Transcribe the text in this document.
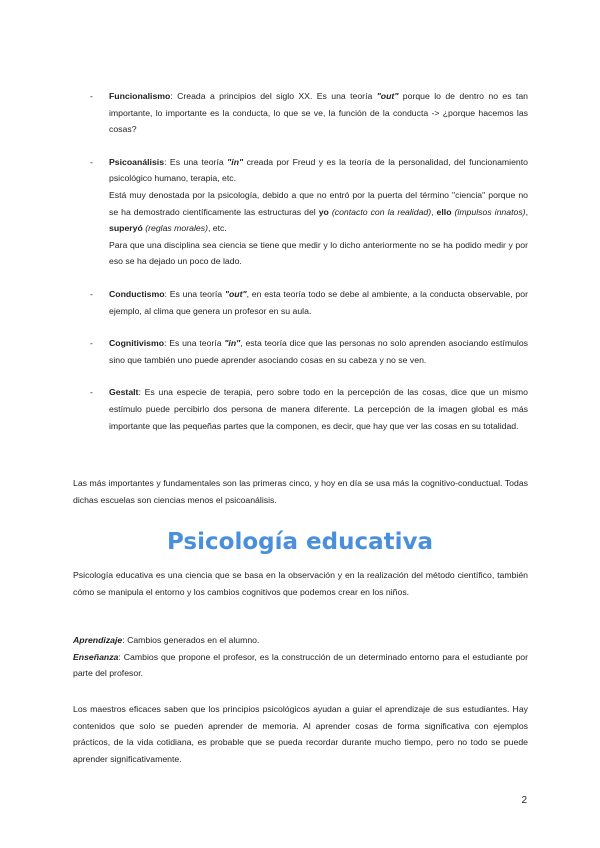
- Funcionalismo: Creada a principios del siglo XX. Es una teoría "out" porque lo de dentro no es tan importante, lo importante es la conducta, lo que se ve, la función de la conducta -> ¿porque hacemos las cosas?

- Psicoanálisis: Es una teoría "in" creada por Freud y es la teoría de la personalidad, del funcionamiento psicológico humano, terapia, etc.

Está muy denostada por la psicología, debido a que no entró por la puerta del término "ciencia" porque no se ha demostrado científicamente las estructuras del yo (contacto con la realidad), ello (impulsos innatos), superyó (reglas morales), etc.

Para que una disciplina sea ciencia se tiene que medir y lo dicho anteriormente no se ha podido medir y por eso se ha dejado un poco de lado.

- Conductismo: Es una teoría "out", en esta teoría todo se debe al ambiente, a la conducta observable, por ejemplo, al clima que genera un profesor en su aula.

- Cognitivismo: Es una teoría "in", esta teoría dice que las personas no solo aprenden asociando estímulos sino que también uno puede aprender asociando cosas en su cabeza y no se ven.

- Gestalt: Es una especie de terapia, pero sobre todo en la percepción de las cosas, dice que un mismo estímulo puede percibirlo dos persona de manera diferente. La percepción de la imagen global es más importante que las pequeñas partes que la componen, es decir, que hay que ver las cosas en su totalidad.

Las más importantes y fundamentales son las primeras cinco, y hoy en día se usa más la cognitivo-conductual. Todas dichas escuelas son ciencias menos el psicoanálisis.

Psicología educativa

Psicología educativa es una ciencia que se basa en la observación y en la realización del método científico, también cómo se manipula el entorno y los cambios cognitivos que podemos crear en los niños.

Aprendizaje: Cambios generados en el alumno.

Enseñanza: Cambios que propone el profesor, es la construcción de un determinado entorno para el estudiante por parte del profesor.

Los maestros eficaces saben que los principios psicológicos ayudan a guiar el aprendizaje de sus estudiantes. Hay contenidos que solo se pueden aprender de memoria. Al aprender cosas de forma significativa con ejemplos prácticos, de la vida cotidiana, es probable que se pueda recordar durante mucho tiempo, pero no todo se puede aprender significativamente.

2
